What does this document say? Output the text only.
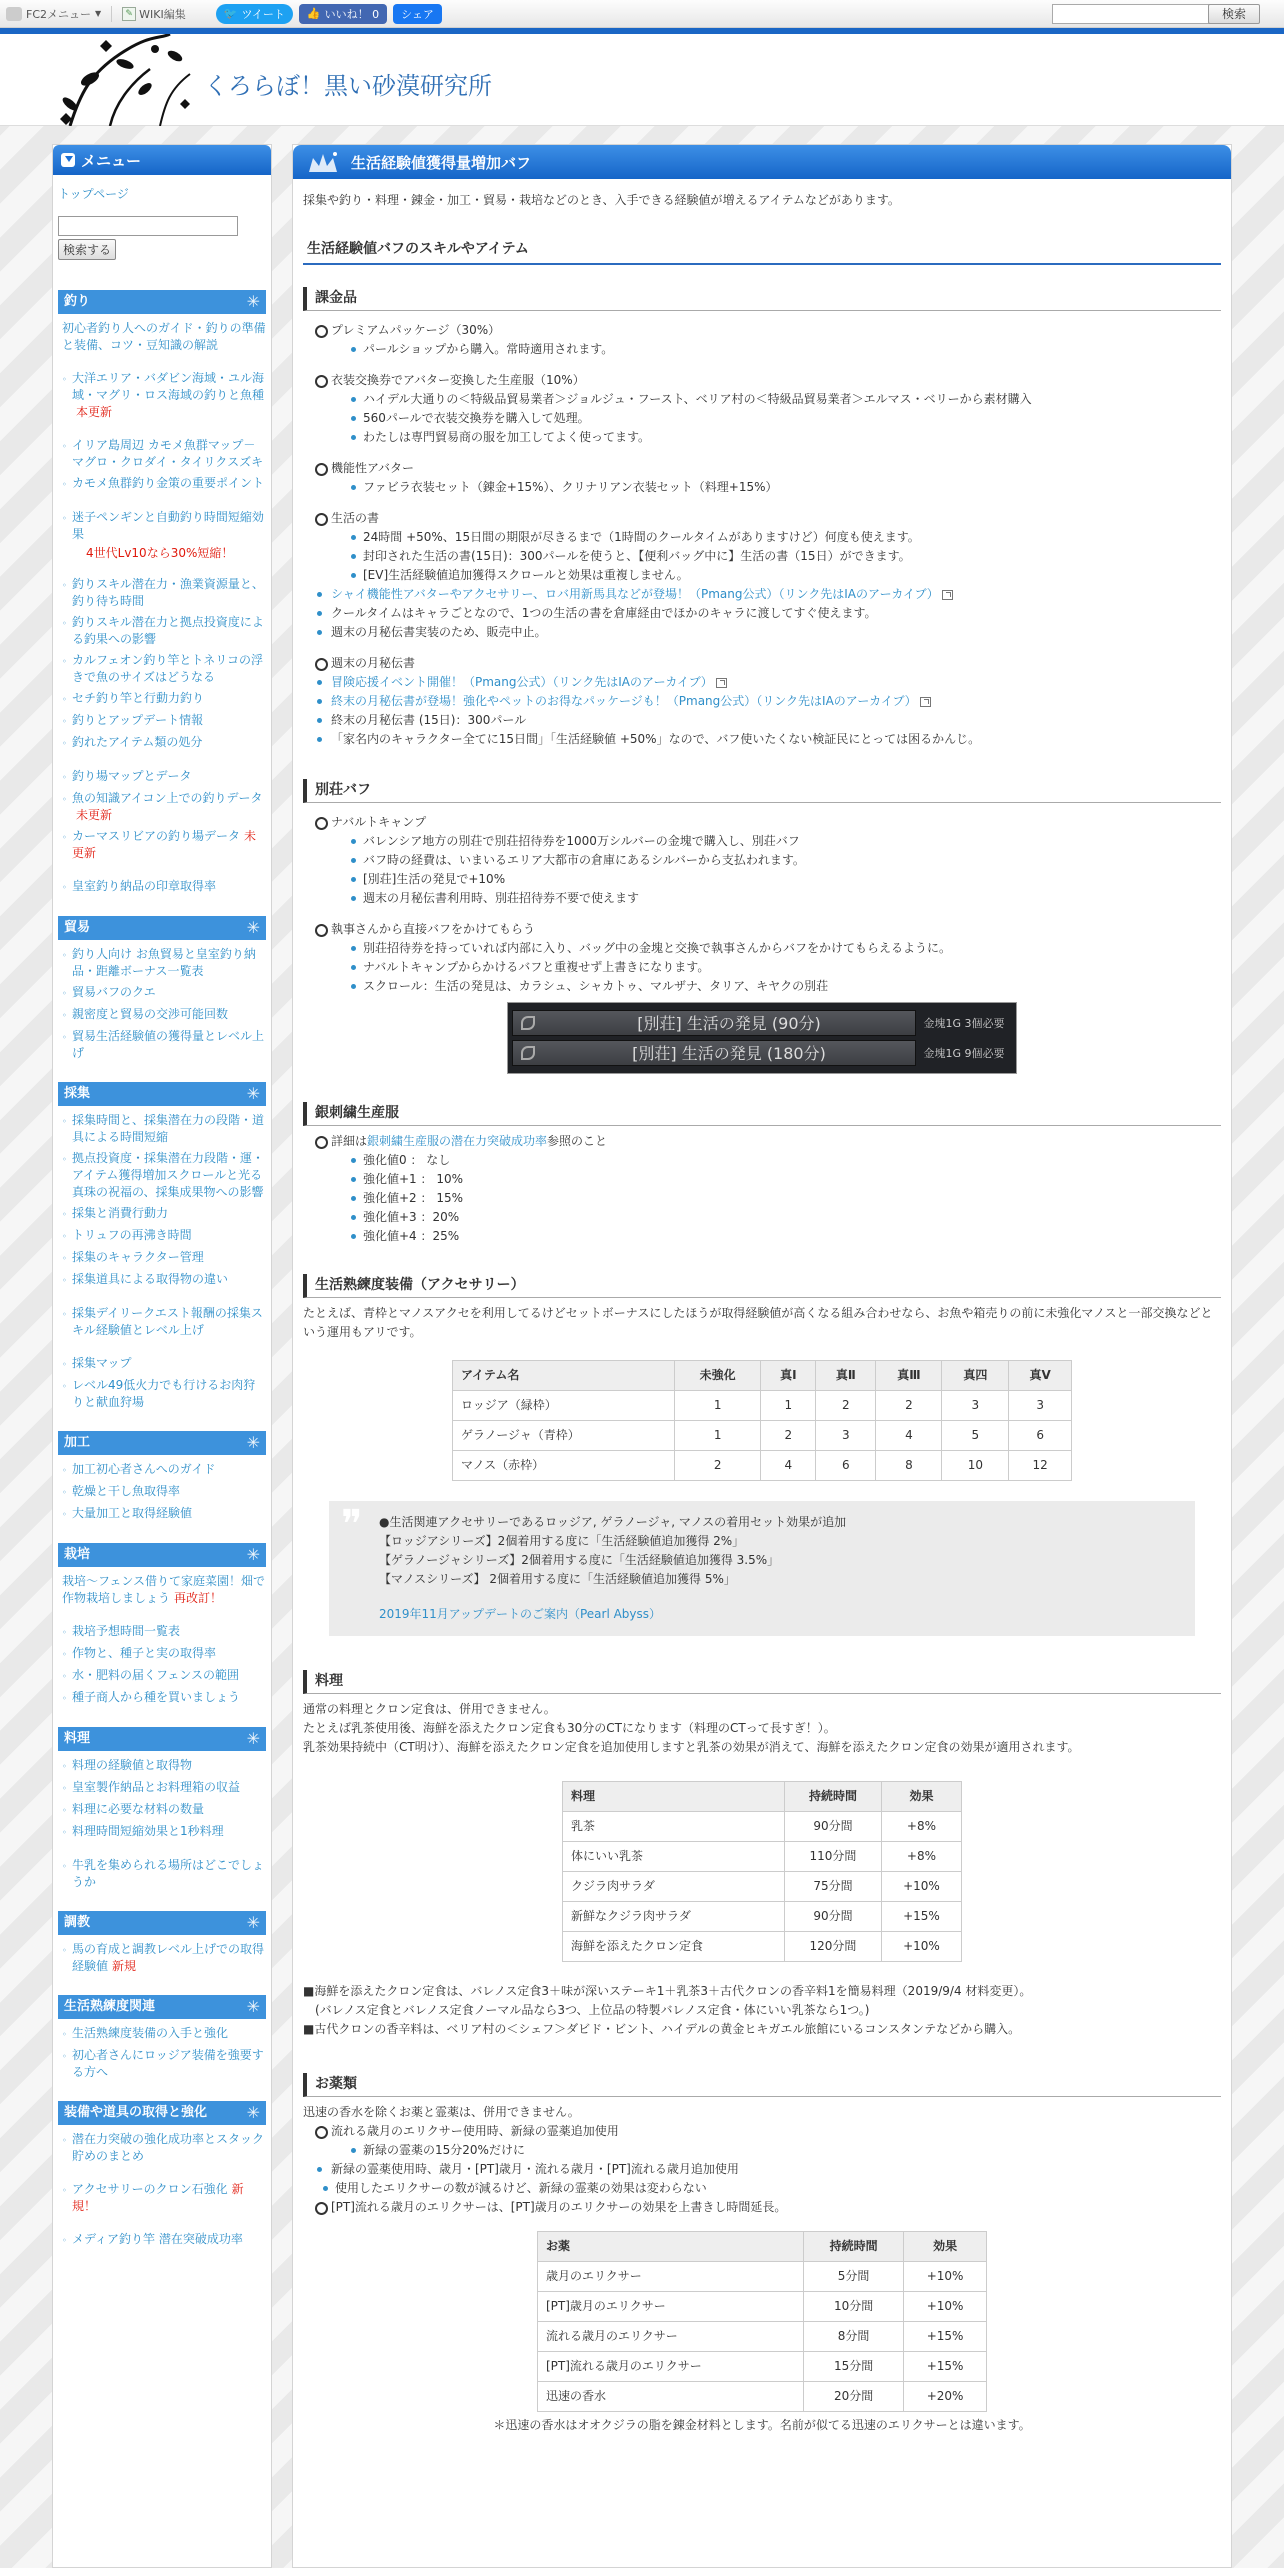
FC2メニュー ▼	✎ WIKI編集	🐦 ツイート 👍 いいね！ 0 シェア	検索
くろらぼ！黒い砂漠研究所
メニュー
トップページ
検索する
釣り ✳
初心者釣り人へのガイド・釣りの準備と装備、コツ・豆知識の解説
◦ 大洋エリア・バダビン海域・ユル海域・マグリ・ロス海域の釣りと魚種本更新
◦ イリア島周辺 カモメ魚群マップ－マグロ・クロダイ・タイリクスズキ
◦ カモメ魚群釣り金策の重要ポイント
◦ 迷子ペンギンと自動釣り時間短縮効果
4世代Lv10なら30%短縮！
◦ 釣りスキル潜在力・漁業資源量と、釣り待ち時間
◦ 釣りスキル潜在力と拠点投資度による釣果への影響
◦ カルフェオン釣り竿とトネリコの浮きで魚のサイズはどうなる
◦ セチ釣り竿と行動力釣り
◦ 釣りとアップデート情報
◦ 釣れたアイテム類の処分
◦ 釣り場マップとデータ
◦ 魚の知識アイコン上での釣りデータ未更新
◦ カーマスリビアの釣り場データ 未更新
◦ 皇室釣り納品の印章取得率
貿易 ✳
◦ 釣り人向け お魚貿易と皇室釣り納品・距離ボーナス一覧表
◦ 貿易バフのクエ
◦ 親密度と貿易の交渉可能回数
◦ 貿易生活経験値の獲得量とレベル上げ
採集 ✳
◦ 採集時間と、採集潜在力の段階・道具による時間短縮
◦ 拠点投資度・採集潜在力段階・運・アイテム獲得増加スクロールと光る真珠の祝福の、採集成果物への影響
◦ 採集と消費行動力
◦ トリュフの再沸き時間
◦ 採集のキャラクター管理
◦ 採集道具による取得物の違い
◦ 採集デイリークエスト報酬の採集スキル経験値とレベル上げ
◦ 採集マップ
◦ レベル49低火力でも行けるお肉狩りと献血狩場
加工 ✳
◦ 加工初心者さんへのガイド
◦ 乾燥と干し魚取得率
◦ 大量加工と取得経験値
栽培 ✳
栽培～フェンス借りて家庭菜園！畑で作物栽培しましょう 再改訂！
◦ 栽培予想時間一覧表
◦ 作物と、種子と実の取得率
◦ 水・肥料の届くフェンスの範囲
◦ 種子商人から種を買いましょう
料理 ✳
◦ 料理の経験値と取得物
◦ 皇室製作納品とお料理箱の収益
◦ 料理に必要な材料の数量
◦ 料理時間短縮効果と1秒料理
◦ 牛乳を集められる場所はどこでしょうか
調教 ✳
◦ 馬の育成と調教レベル上げでの取得経験値 新規
生活熟練度関連 ✳
◦ 生活熟練度装備の入手と強化
◦ 初心者さんにロッジア装備を強要する方へ
装備や道具の取得と強化 ✳
◦ 潜在力突破の強化成功率とスタック貯めのまとめ
◦ アクセサリーのクロン石強化 新規！
◦ メディア釣り竿 潜在突破成功率
生活経験値獲得量増加バフ
採集や釣り・料理・錬金・加工・貿易・栽培などのとき、入手できる経験値が増えるアイテムなどがあります。
生活経験値バフのスキルやアイテム
課金品
プレミアムパッケージ（30%）
パールショップから購入。常時適用されます。
衣装交換券でアバター変換した生産服（10%）
ハイデル大通りの＜特級品貿易業者＞ジョルジュ・フースト、ベリア村の＜特級品貿易業者＞エルマス・ベリーから素材購入
560パールで衣装交換券を購入して処理。
わたしは専門貿易商の服を加工してよく使ってます。
機能性アバター
ファビラ衣装セット（錬金+15%）、クリナリアン衣装セット（料理+15%）
生活の書
24時間 +50%、15日間の期限が尽きるまで（1時間のクールタイムがありますけど）何度も使えます。
封印された生活の書(15日)：300パールを使うと、【便利バッグ中に】生活の書（15日）ができます。
[EV]生活経験値追加獲得スクロールと効果は重複しません。
シャイ機能性アバターやアクセサリー、ロバ用新馬具などが登場！（Pmang公式）（リンク先はIAのアーカイブ）
クールタイムはキャラごとなので、1つの生活の書を倉庫経由でほかのキャラに渡してすぐ使えます。
週末の月秘伝書実装のため、販売中止。
週末の月秘伝書
冒険応援イベント開催！（Pmang公式）（リンク先はIAのアーカイブ）
終末の月秘伝書が登場！強化やペットのお得なパッケージも！（Pmang公式）（リンク先はIAのアーカイブ）
終末の月秘伝書 (15日)：300パール
「家名内のキャラクター全てに15日間」「生活経験値 +50%」なので、バフ使いたくない検証民にとっては困るかんじ。
別荘バフ
ナバルトキャンプ
バレンシア地方の別荘で別荘招待券を1000万シルバーの金塊で購入し、別荘バフ
バフ時の経費は、いまいるエリア大都市の倉庫にあるシルバーから支払われます。
[別荘]生活の発見で+10%
週末の月秘伝書利用時、別荘招待券不要で使えます
執事さんから直接バフをかけてもらう
別荘招待券を持っていれば内部に入り、バッグ中の金塊と交換で執事さんからバフをかけてもらえるように。
ナバルトキャンプからかけるバフと重複せず上書きになります。
スクロール：生活の発見は、カラシュ、シャカトゥ、マルザナ、タリア、キヤクの別荘
[別荘] 生活の発見 (90分)	金塊1G 3個必要
[別荘] 生活の発見 (180分)	金塊1G 9個必要
銀刺繍生産服
詳細は銀刺繍生産服の潜在力突破成功率参照のこと
強化値0 ： なし
強化値+1 ： 10%
強化値+2 ： 15%
強化値+3 ：20%
強化値+4 ：25%
生活熟練度装備（アクセサリー）
たとえば、青枠とマノスアクセを利用してるけどセットボーナスにしたほうが取得経験値が高くなる組み合わせなら、お魚や箱売りの前に未強化マノスと一部交換などという運用もアリです。
アイテム名	未強化	真Ⅰ	真Ⅱ	真Ⅲ	真四	真Ⅴ
ロッジア（緑枠）	1	1	2	2	3	3
ゲラノージャ（青枠）	1	2	3	4	5	6
マノス（赤枠）	2	4	6	8	10	12
❞ ●生活関連アクセサリーであるロッジア, ゲラノージャ, マノスの着用セット効果が追加
【ロッジアシリーズ】2個着用する度に「生活経験値追加獲得 2%」
【ゲラノージャシリーズ】2個着用する度に「生活経験値追加獲得 3.5%」
【マノスシリーズ】 2個着用する度に「生活経験値追加獲得 5%」
2019年11月アップデートのご案内（Pearl Abyss）
料理
通常の料理とクロン定食は、併用できません。
たとえば乳茶使用後、海鮮を添えたクロン定食も30分のCTになります（料理のCTって長すぎ！）。
乳茶効果持続中（CT明け）、海鮮を添えたクロン定食を追加使用しますと乳茶の効果が消えて、海鮮を添えたクロン定食の効果が適用されます。
料理	持続時間	効果
乳茶	90分間	+8%
体にいい乳茶	110分間	+8%
クジラ肉サラダ	75分間	+10%
新鮮なクジラ肉サラダ	90分間	+15%
海鮮を添えたクロン定食	120分間	+10%
■海鮮を添えたクロン定食は、バレノス定食3＋味が深いステーキ1＋乳茶3＋古代クロンの香辛料1を簡易料理（2019/9/4 材料変更）。
　(バレノス定食とバレノス定食ノーマル品なら3つ、上位品の特製バレノス定食・体にいい乳茶なら1つ。)
■古代クロンの香辛料は、ベリア村の＜シェフ＞ダビド・ビント、ハイデルの黄金ヒキガエル旅館にいるコンスタンテなどから購入。
お薬類
迅速の香水を除くお薬と霊薬は、併用できません。
流れる歳月のエリクサー使用時、新緑の霊薬追加使用
新緑の霊薬の15分20%だけに
新緑の霊薬使用時、歳月・[PT]歳月・流れる歳月・[PT]流れる歳月追加使用
使用したエリクサーの数が減るけど、新緑の霊薬の効果は変わらない
[PT]流れる歳月のエリクサーは、[PT]歳月のエリクサーの効果を上書きし時間延長。
お薬	持続時間	効果
歳月のエリクサー	5分間	+10%
[PT]歳月のエリクサー	10分間	+10%
流れる歳月のエリクサー	8分間	+15%
[PT]流れる歳月のエリクサー	15分間	+15%
迅速の香水	20分間	+20%
＊迅速の香水はオオクジラの脂を錬金材料とします。名前が似てる迅速のエリクサーとは違います。
